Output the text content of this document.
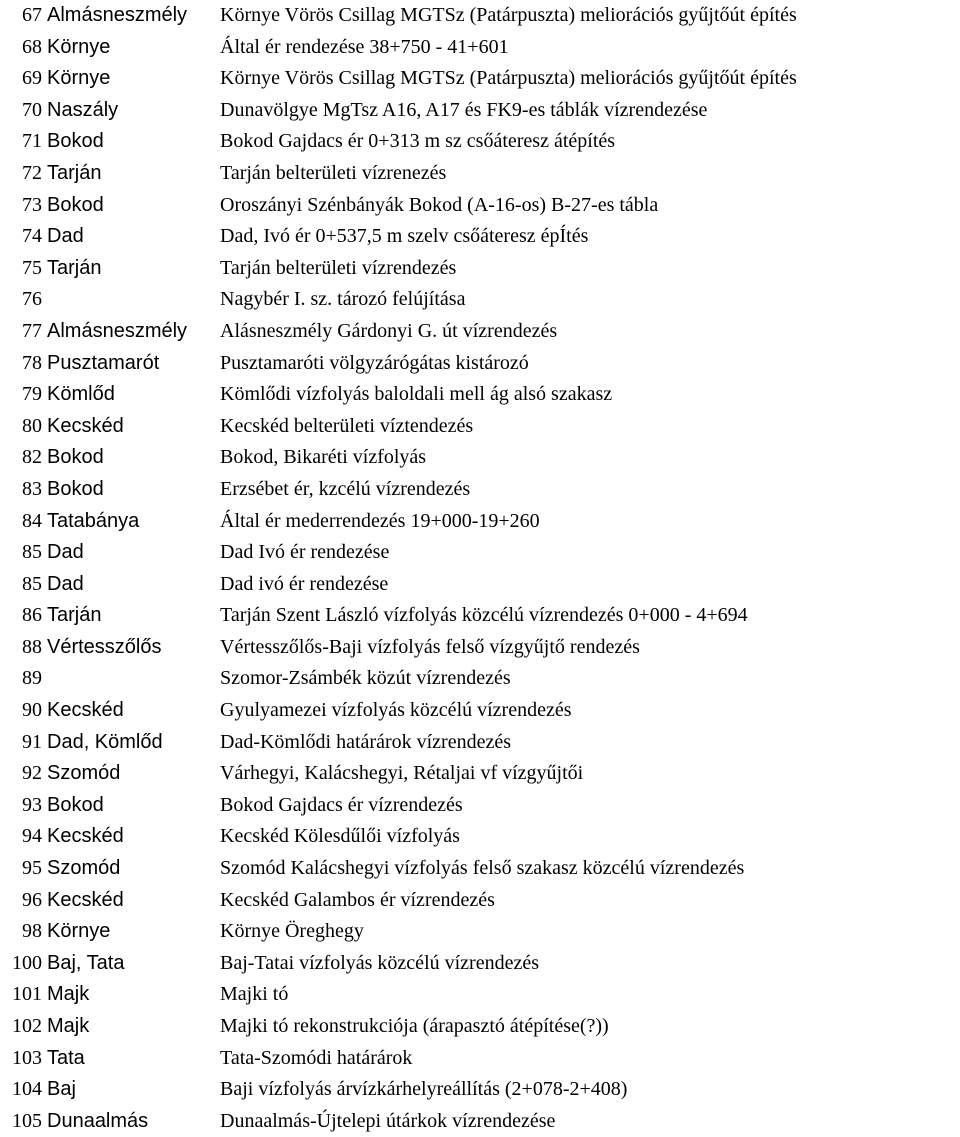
67 Almásneszmély	Környe Vörös Csillag MGTSz (Patárpuszta) meliorációs gyűjtőút építés
68 Környe	Által ér rendezése 38+750 - 41+601
69 Környe	Környe Vörös Csillag MGTSz (Patárpuszta) meliorációs gyűjtőút építés
70 Naszály	Dunavölgye MgTsz A16, A17 és FK9-es táblák vízrendezése
71 Bokod	Bokod Gajdacs ér 0+313 m sz csőáteresz átépítés
72 Tarján	Tarján belterületi vízrenezés
73 Bokod	Oroszányi Szénbányák Bokod (A-16-os) B-27-es tábla
74 Dad	Dad, Ivó ér 0+537,5 m szelv csőáteresz épÍtés
75 Tarján	Tarján belterületi vízrendezés
76	Nagybér I. sz. tározó felújítása
77 Almásneszmély	Alásneszmély Gárdonyi G. út vízrendezés
78 Pusztamarót	Pusztamaróti völgyzárógátas kistározó
79 Kömlőd	Kömlődi vízfolyás baloldali mell ág alsó szakasz
80 Kecskéd	Kecskéd belterületi víztendezés
82 Bokod	Bokod, Bikaréti vízfolyás
83 Bokod	Erzsébet ér, kzcélú vízrendezés
84 Tatabánya	Által ér mederrendezés 19+000-19+260
85 Dad	Dad Ivó ér rendezése
85 Dad	Dad ivó ér rendezése
86 Tarján	Tarján Szent László vízfolyás közcélú vízrendezés 0+000 - 4+694
88 Vértesszőlős	Vértesszőlős-Baji vízfolyás felső vízgyűjtő rendezés
89	Szomor-Zsámbék közút vízrendezés
90 Kecskéd	Gyulyamezei vízfolyás közcélú vízrendezés
91 Dad, Kömlőd	Dad-Kömlődi határárok vízrendezés
92 Szomód	Várhegyi, Kalácshegyi, Rétaljai vf vízgyűjtői
93 Bokod	Bokod Gajdacs ér vízrendezés
94 Kecskéd	Kecskéd Kölesdűlői vízfolyás
95 Szomód	Szomód Kalácshegyi vízfolyás felső szakasz közcélú vízrendezés
96 Kecskéd	Kecskéd Galambos ér vízrendezés
98 Környe	Környe Öreghegy
100 Baj, Tata	Baj-Tatai vízfolyás közcélú vízrendezés
101 Majk	Majki tó
102 Majk	Majki tó rekonstrukciója (árapasztó átépítése(?))
103 Tata	Tata-Szomódi határárok
104 Baj	Baji vízfolyás árvízkárhelyreállítás (2+078-2+408)
105 Dunaalmás	Dunaalmás-Újtelepi útárkok vízrendezése
